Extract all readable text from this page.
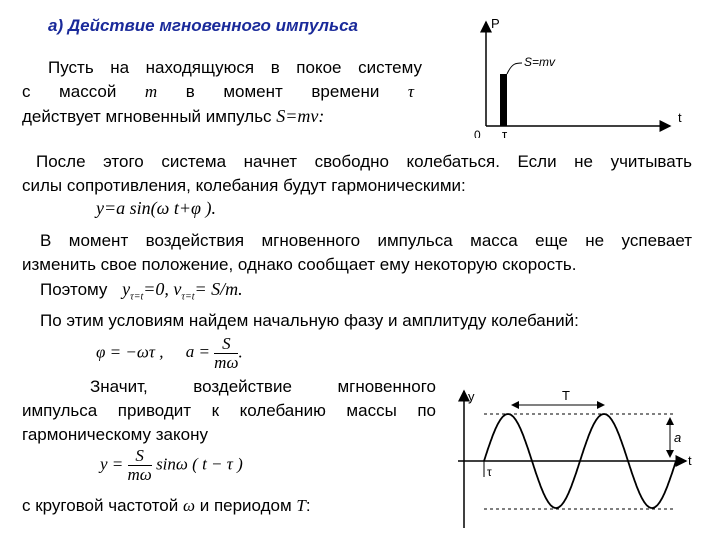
а) Действие мгновенного импульса
Пусть на находящуюся в покое систему
с массой m в момент времени τ
действует мгновенный импульс S=mv:
P
t
0 τ
S=mv
После этого система начнет свободно колебаться. Если не учитывать
силы сопротивления, колебания будут гармоническими:
y=a sin(ω t+φ ).
В момент воздействия мгновенного импульса масса еще не успевает
изменить свое положение, однако сообщает ему некоторую скорость.
Поэтому $y_{\tau=t}=0$, $v_{\tau=t}= S/m$.
По этим условиям найдем начальную фазу и амплитуду колебаний:
φ = −ωτ , $a = \frac{S}{m\omega}$ .
Значит, воздействие мгновенного
импульса приводит к колебанию массы по
гармоническому закону
$y = \frac{S}{m\omega}$ sinω ( t − τ )
с круговой частотой ω и периодом T:
y
t
τ
T
a
